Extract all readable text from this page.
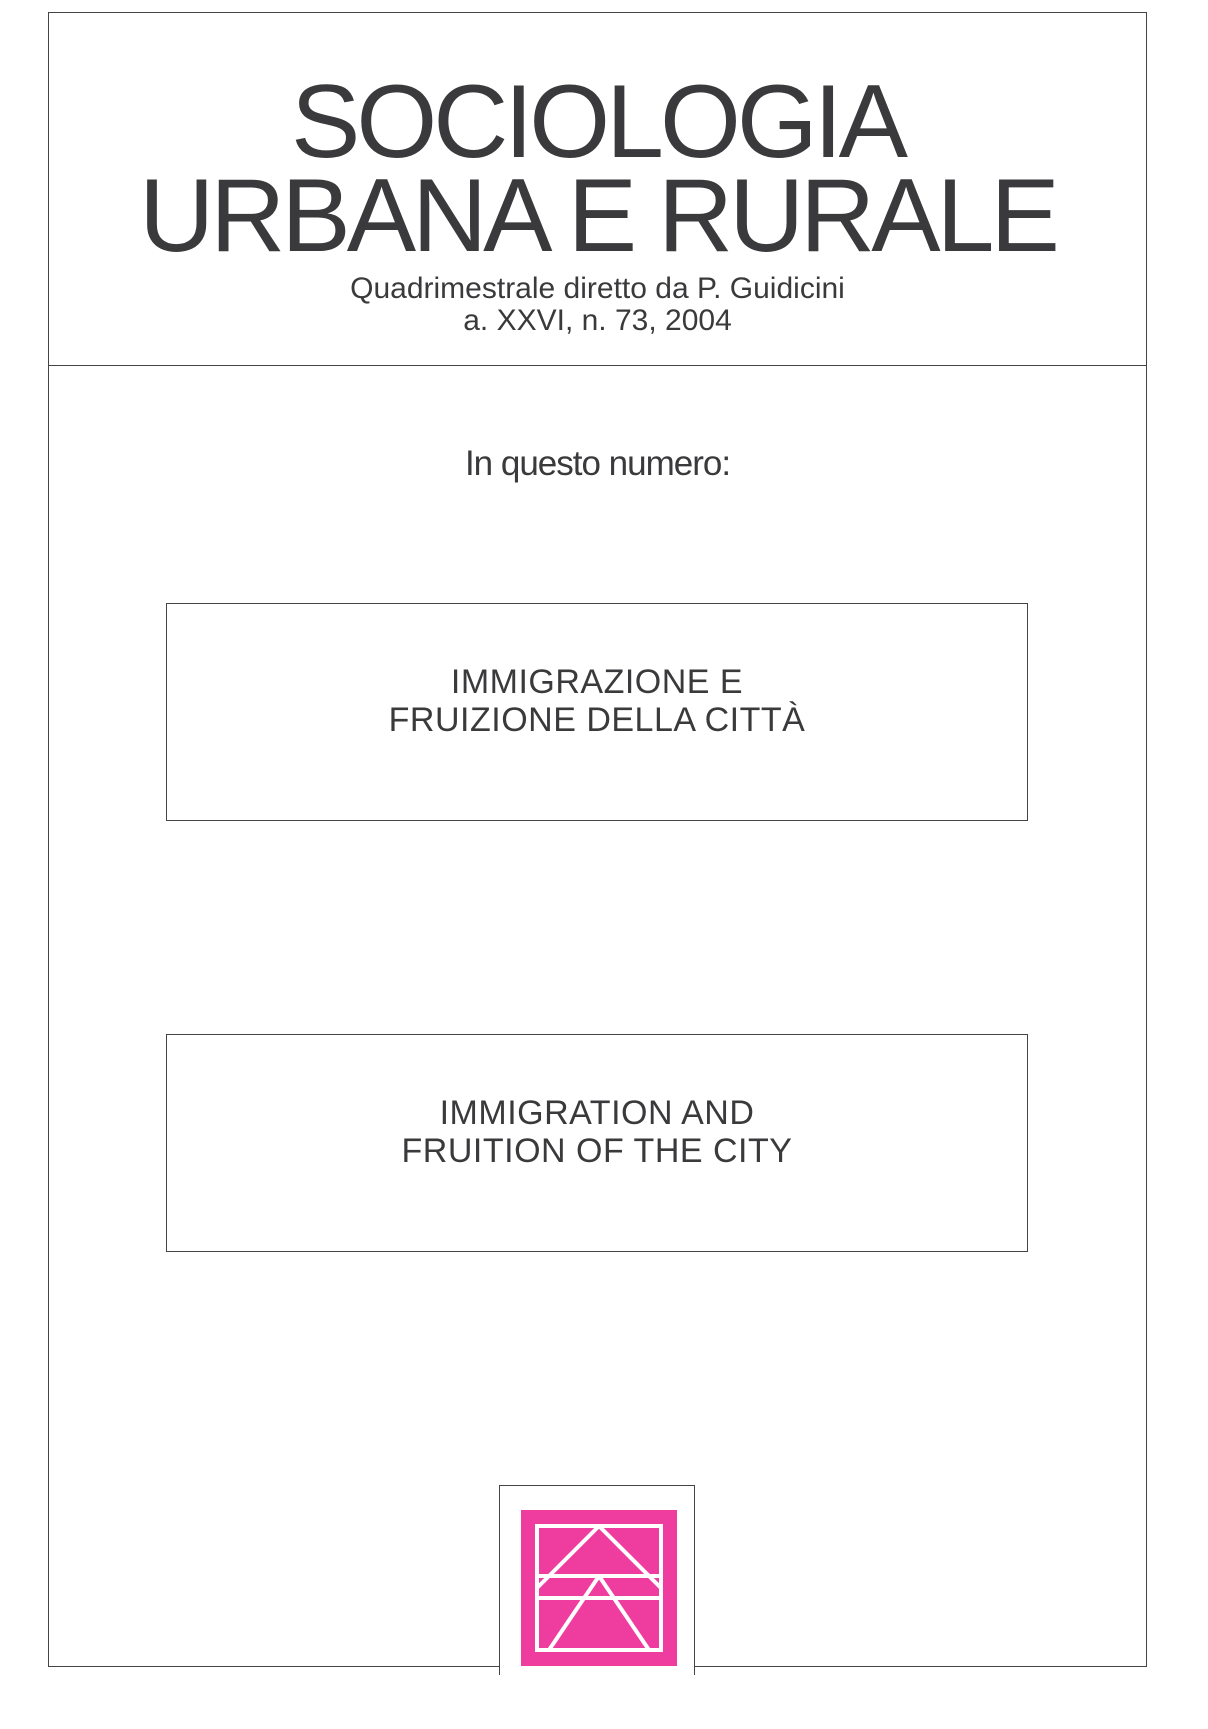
SOCIOLOGIA
URBANA E RURALE
Quadrimestrale diretto da P. Guidicini
a. XXVI, n. 73, 2004
In questo numero:
IMMIGRAZIONE E
FRUIZIONE DELLA CITTÀ
IMMIGRATION AND
FRUITION OF THE CITY
